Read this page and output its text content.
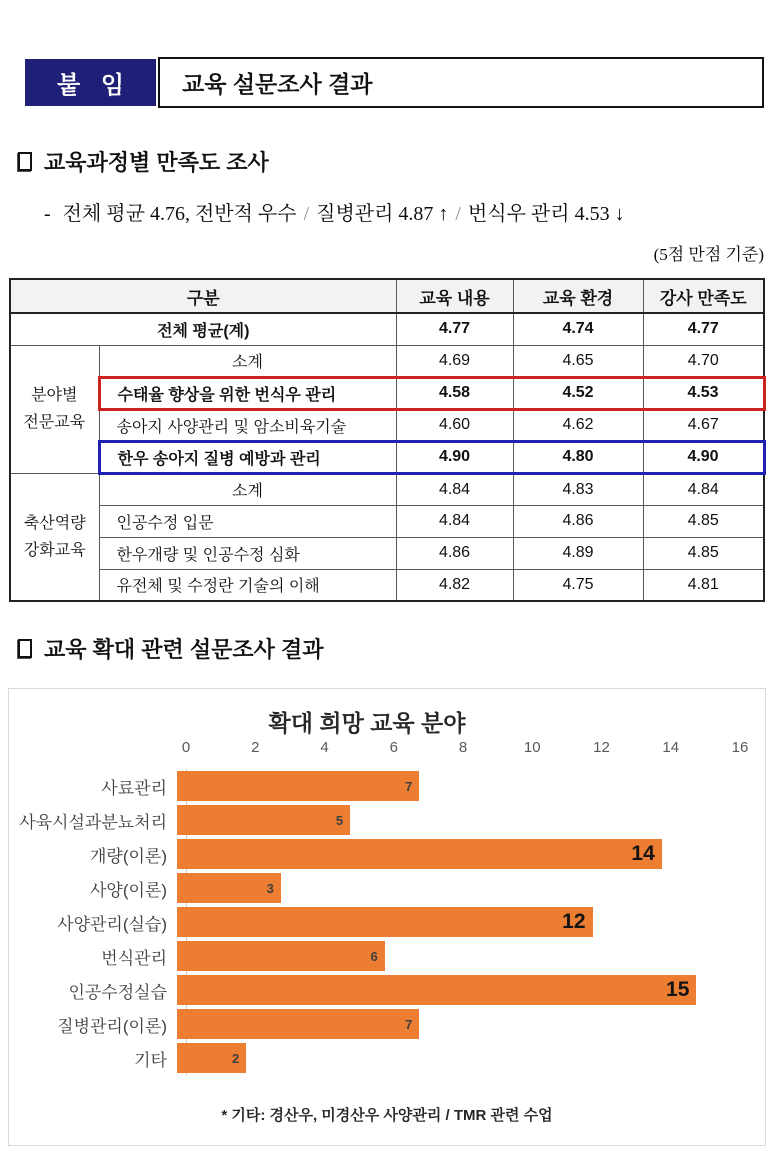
붙 임	교육 설문조사 결과
교육과정별 만족도 조사
- 전체 평균 4.76, 전반적 우수 / 질병관리 4.87 ↑ / 번식우 관리 4.53 ↓
(5점 만점 기준)
구분		교육 내용	교육 환경	강사 만족도
전체 평균(계)		4.77	4.74	4.77

분야별
전문교육	소계	4.69	4.65	4.70
	수태율 향상을 위한 번식우 관리	4.58	4.52	4.53
	송아지 사양관리 및 암소비육기술	4.60	4.62	4.67
	한우 송아지 질병 예방과 관리	4.90	4.80	4.90

축산역량
강화교육	소계	4.84	4.83	4.84
	인공수정 입문	4.84	4.86	4.85
	한우개량 및 인공수정 심화	4.86	4.89	4.85
	유전체 및 수정란 기술의 이해	4.82	4.75	4.81
교육 확대 관련 설문조사 결과
확대 희망 교육 분야
0	2	4	6	8	10	12	14	16
사료관리	7
사육시설과분뇨처리	5
개량(이론)	14
사양(이론)	3
사양관리(실습)	12
번식관리	6
인공수정실습	15
질병관리(이론)	7
기타	2
* 기타: 경산우, 미경산우 사양관리 / TMR 관련 수업
